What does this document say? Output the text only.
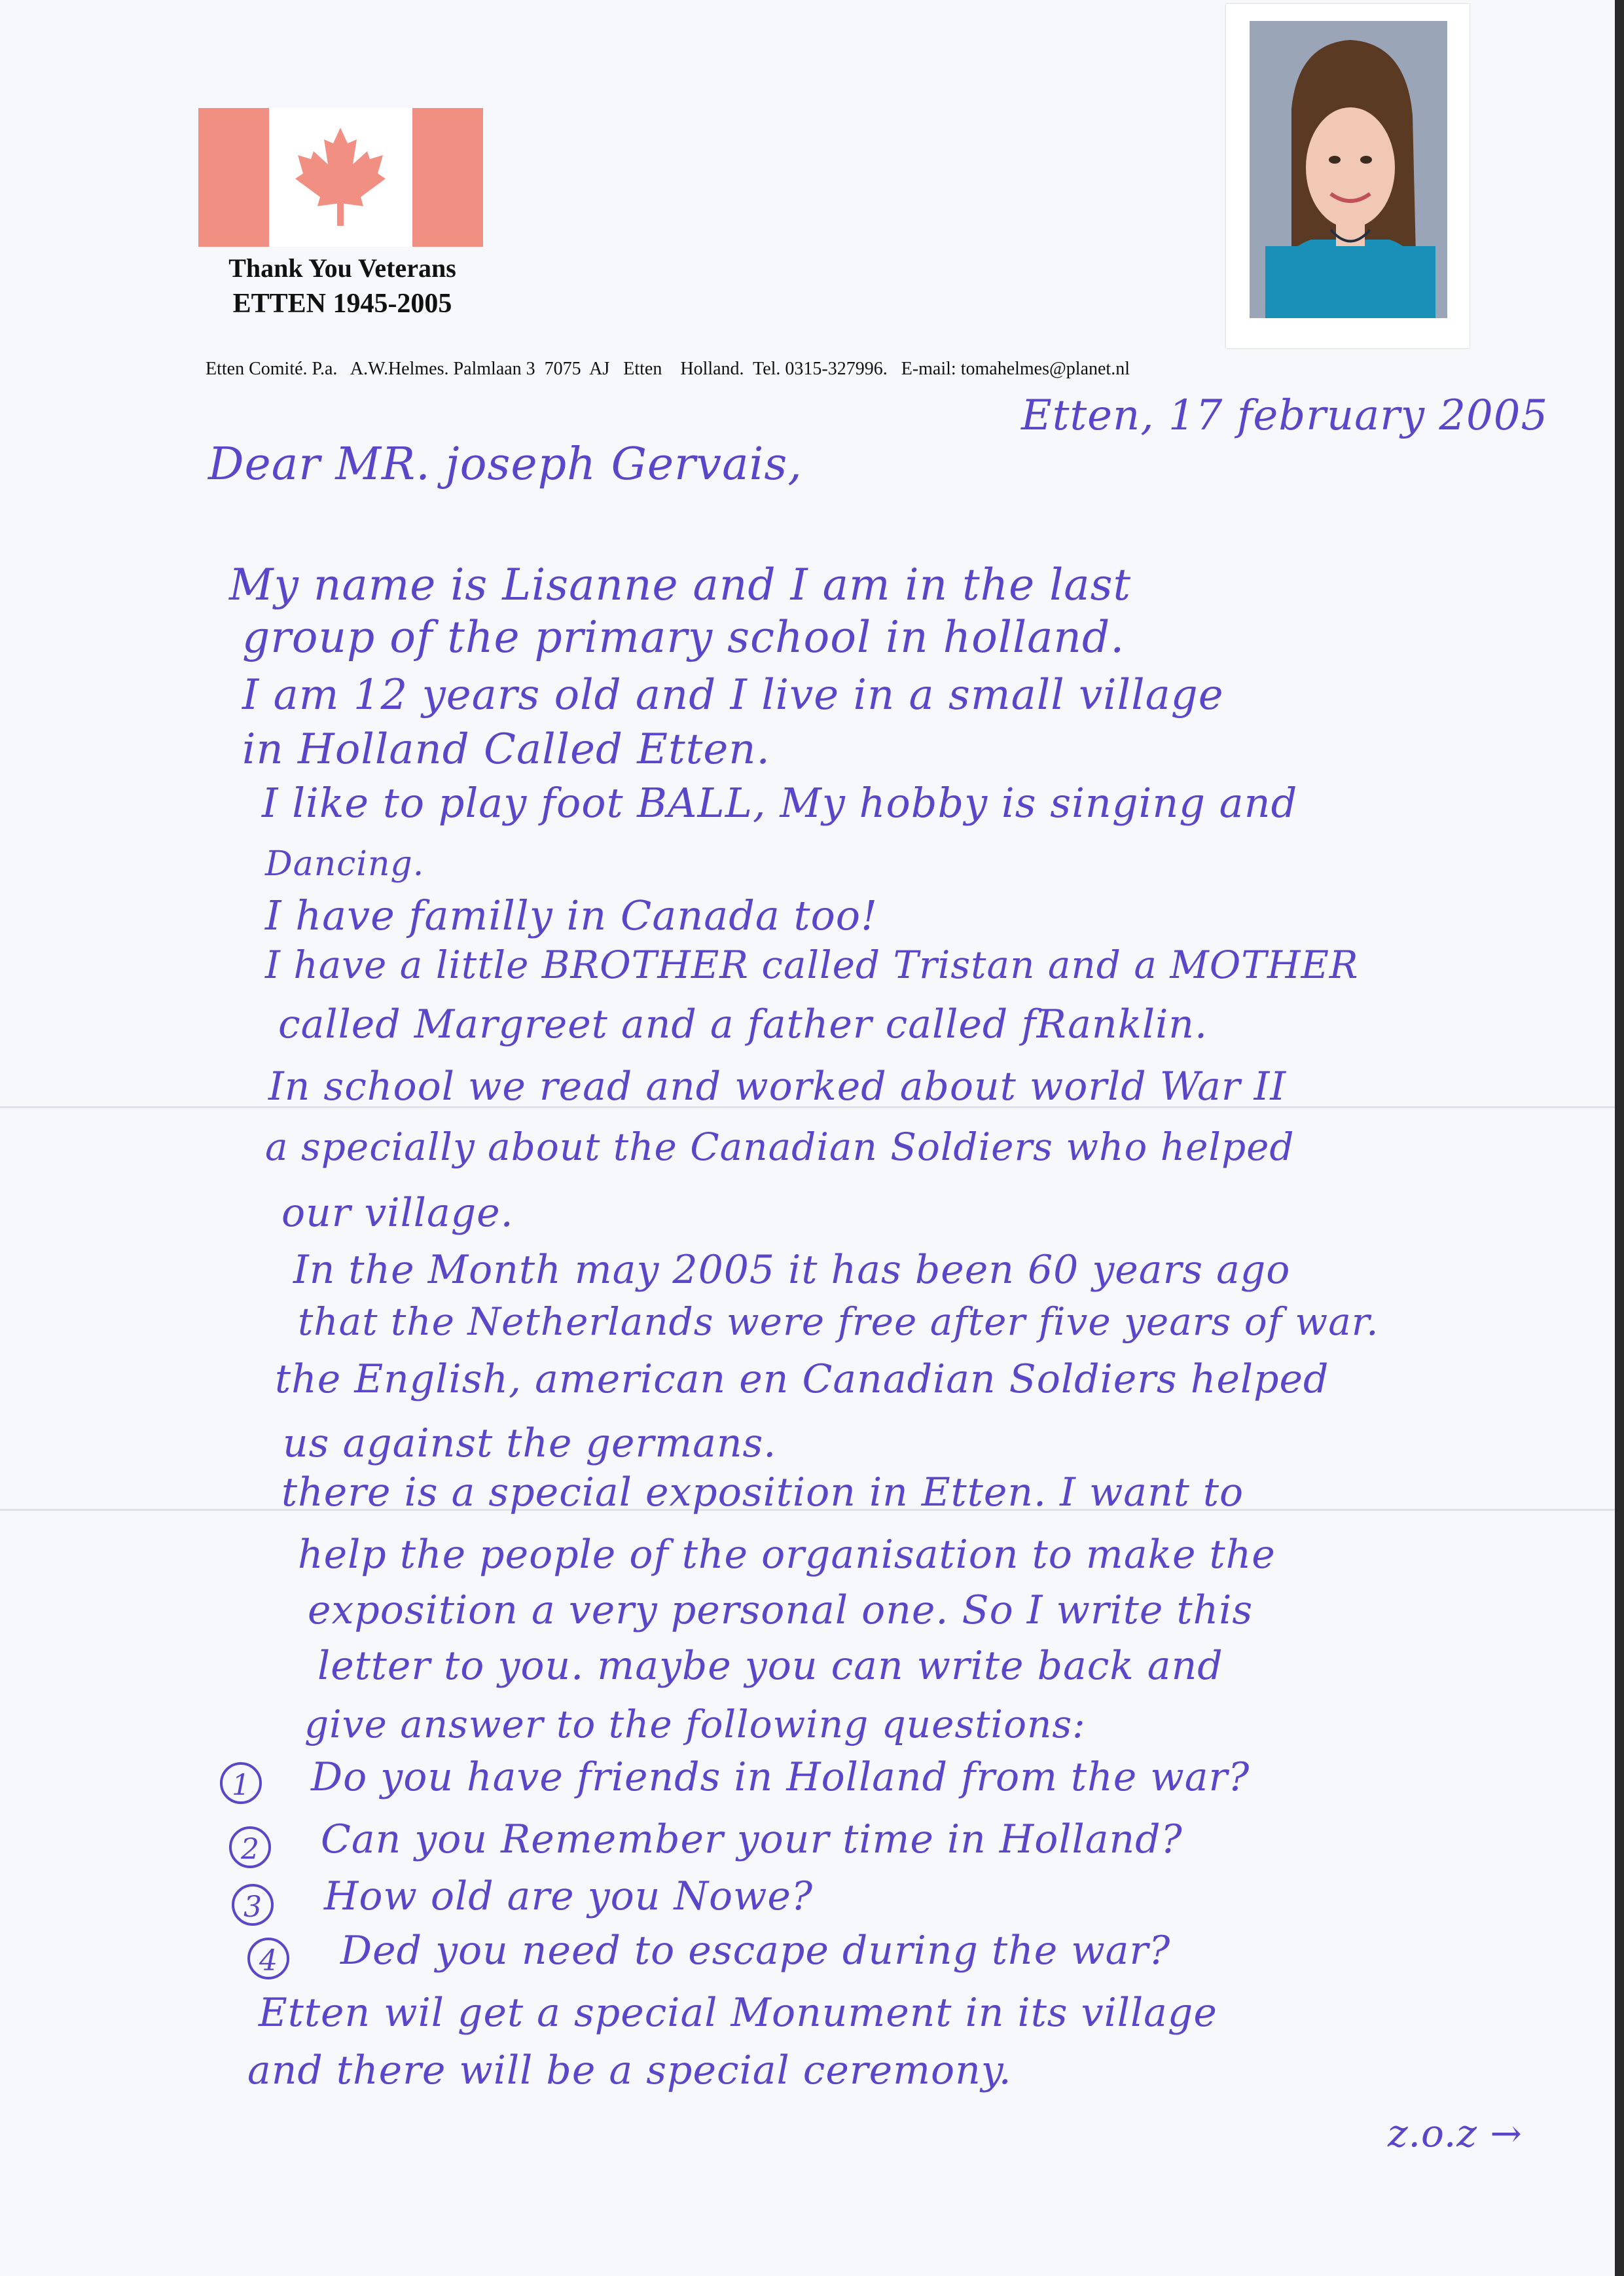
Thank You Veterans
ETTEN 1945-2005
Etten Comité. P.a.   A.W.Helmes. Palmlaan 3  7075  AJ   Etten    Holland.  Tel. 0315-327996.   E-mail: tomahelmes@planet.nl
Etten, 17 february 2005
Dear MR. joseph Gervais,
My name is Lisanne and I am in the last
group of the primary school in holland.
I am 12 years old and I live in a small village
in Holland Called Etten.
I like to play foot BALL, My hobby is singing and
Dancing.
I have familly in Canada too!
I have a little BROTHER called Tristan and a MOTHER
called Margreet and a father called fRanklin.
In school we read and worked about world War II
a specially about the Canadian Soldiers who helped
our village.
In the Month may 2005 it has been 60 years ago
that the Netherlands were free after five years of war.
the English, american en Canadian Soldiers helped
us against the germans.
there is a special exposition in Etten. I want to
help the people of the organisation to make the
exposition a very personal one. So I write this
letter to you. maybe you can write back and
give answer to the following questions:
1	Do you have friends in Holland from the war?
2	Can you Remember your time in Holland?
3	How old are you Nowe?
4	Ded you need to escape during the war?
Etten wil get a special Monument in its village
and there will be a special ceremony.
z.o.z →
